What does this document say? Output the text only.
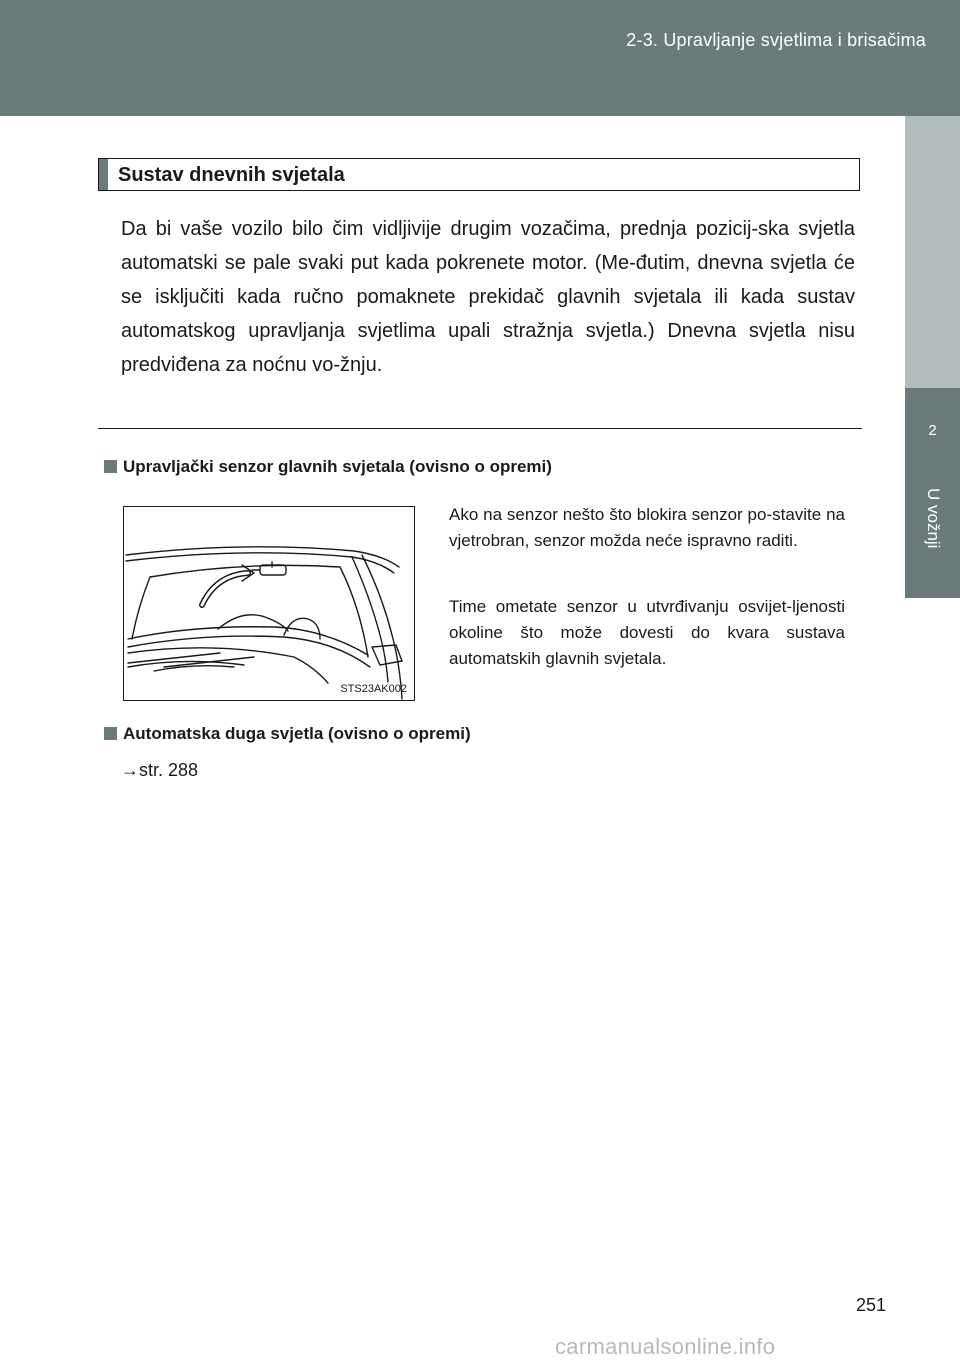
2-3. Upravljanje svjetlima i brisačima
2
U vožnji
Sustav dnevnih svjetala

Da bi vaše vozilo bilo čim vidljivije drugim vozačima, prednja pozicij-ska svjetla automatski se pale svaki put kada pokrenete motor. (Me-đutim, dnevna svjetla će se isključiti kada ručno pomaknete prekidač glavnih svjetala ili kada sustav automatskog upravljanja svjetlima upali stražnja svjetla.) Dnevna svjetla nisu predviđena za noćnu vo-žnju.

Upravljački senzor glavnih svjetala (ovisno o opremi)
STS23AK002

Ako na senzor nešto što blokira senzor po-stavite na vjetrobran, senzor možda neće ispravno raditi.

Time ometate senzor u utvrđivanju osvijet-ljenosti okoline što može dovesti do kvara sustava automatskih glavnih svjetala.

Automatska duga svjetla (ovisno o opremi)
→str. 288
251
carmanualsonline.info
